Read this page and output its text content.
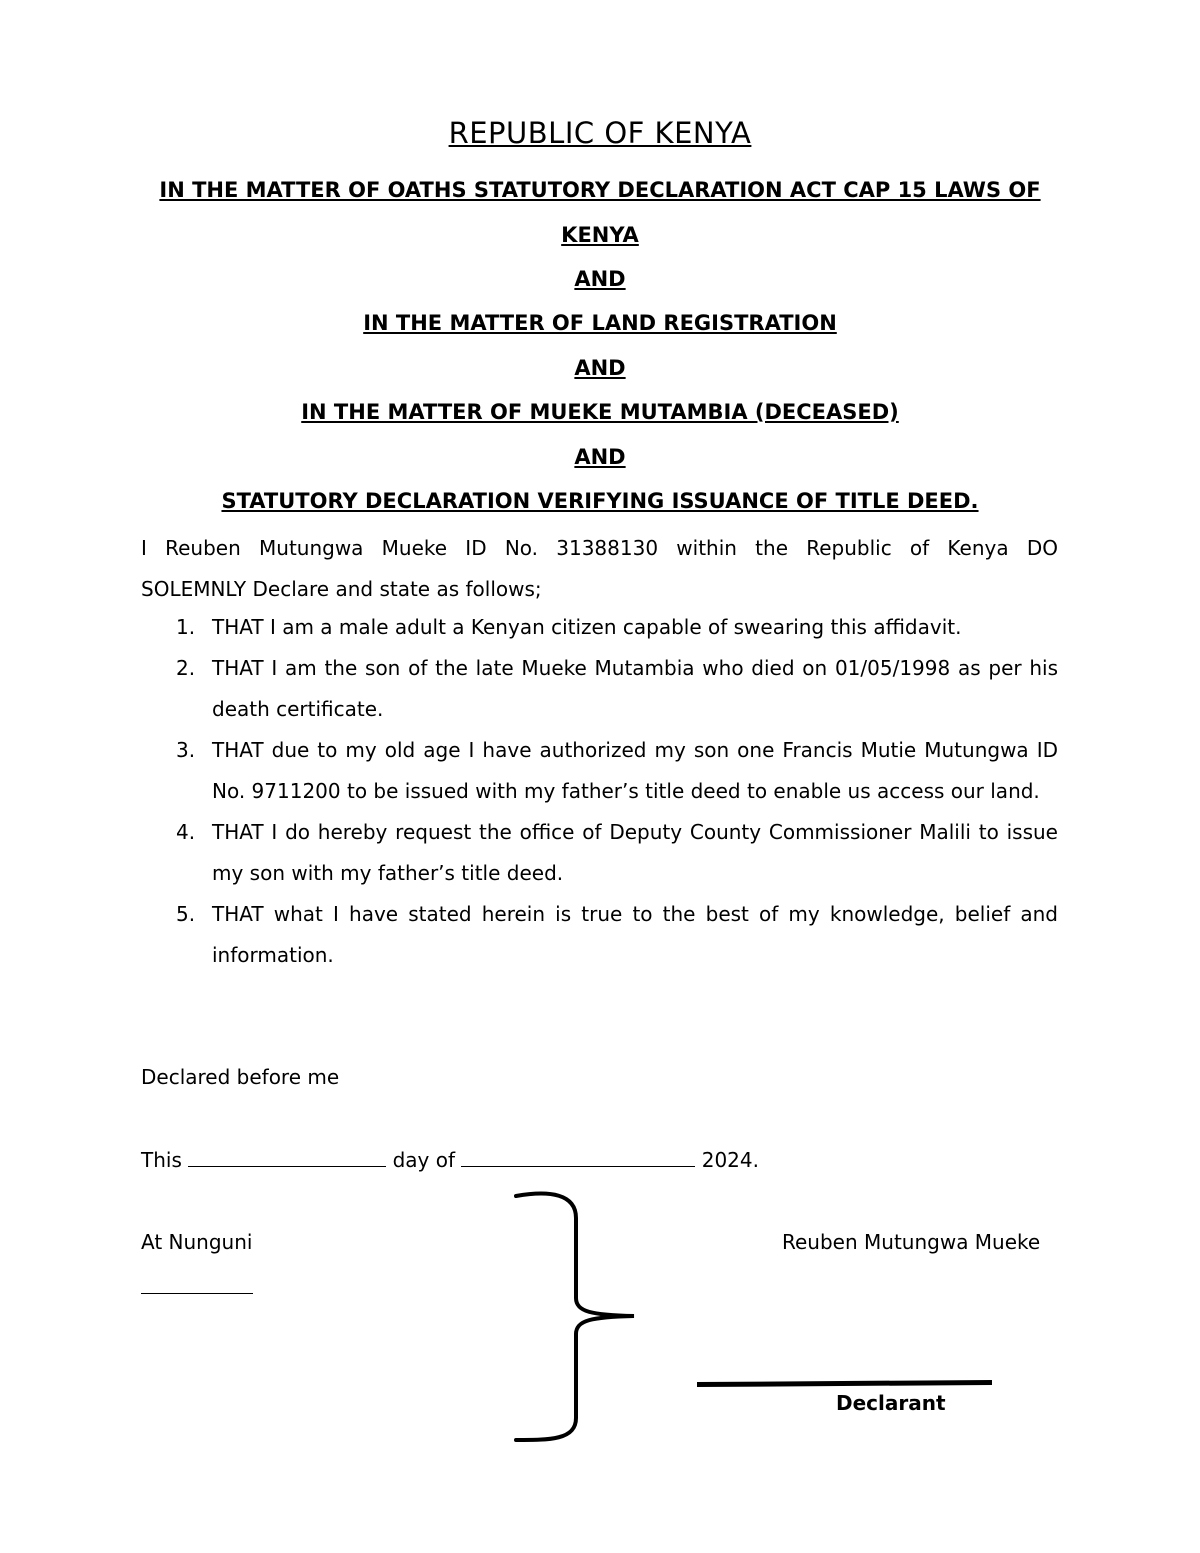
REPUBLIC OF KENYA
IN THE MATTER OF OATHS STATUTORY DECLARATION ACT CAP 15 LAWS OF
KENYA
AND
IN THE MATTER OF LAND REGISTRATION
AND
IN THE MATTER OF MUEKE MUTAMBIA (DECEASED)
AND
STATUTORY DECLARATION VERIFYING ISSUANCE OF TITLE DEED.
I Reuben Mutungwa Mueke ID No. 31388130 within the Republic of Kenya DO
SOLEMNLY Declare and state as follows;
1. THAT I am a male adult a Kenyan citizen capable of swearing this affidavit.
2. THAT I am the son of the late Mueke Mutambia who died on 01/05/1998 as per his death certificate.
3. THAT due to my old age I have authorized my son one Francis Mutie Mutungwa ID No. 9711200 to be issued with my father’s title deed to enable us access our land.
4. THAT I do hereby request the office of Deputy County Commissioner Malili to issue my son with my father’s title deed.
5. THAT what I have stated herein is true to the best of my knowledge, belief and information.
Declared before me
This	day of	2024.
At Nunguni	Reuben Mutungwa Mueke
Declarant
